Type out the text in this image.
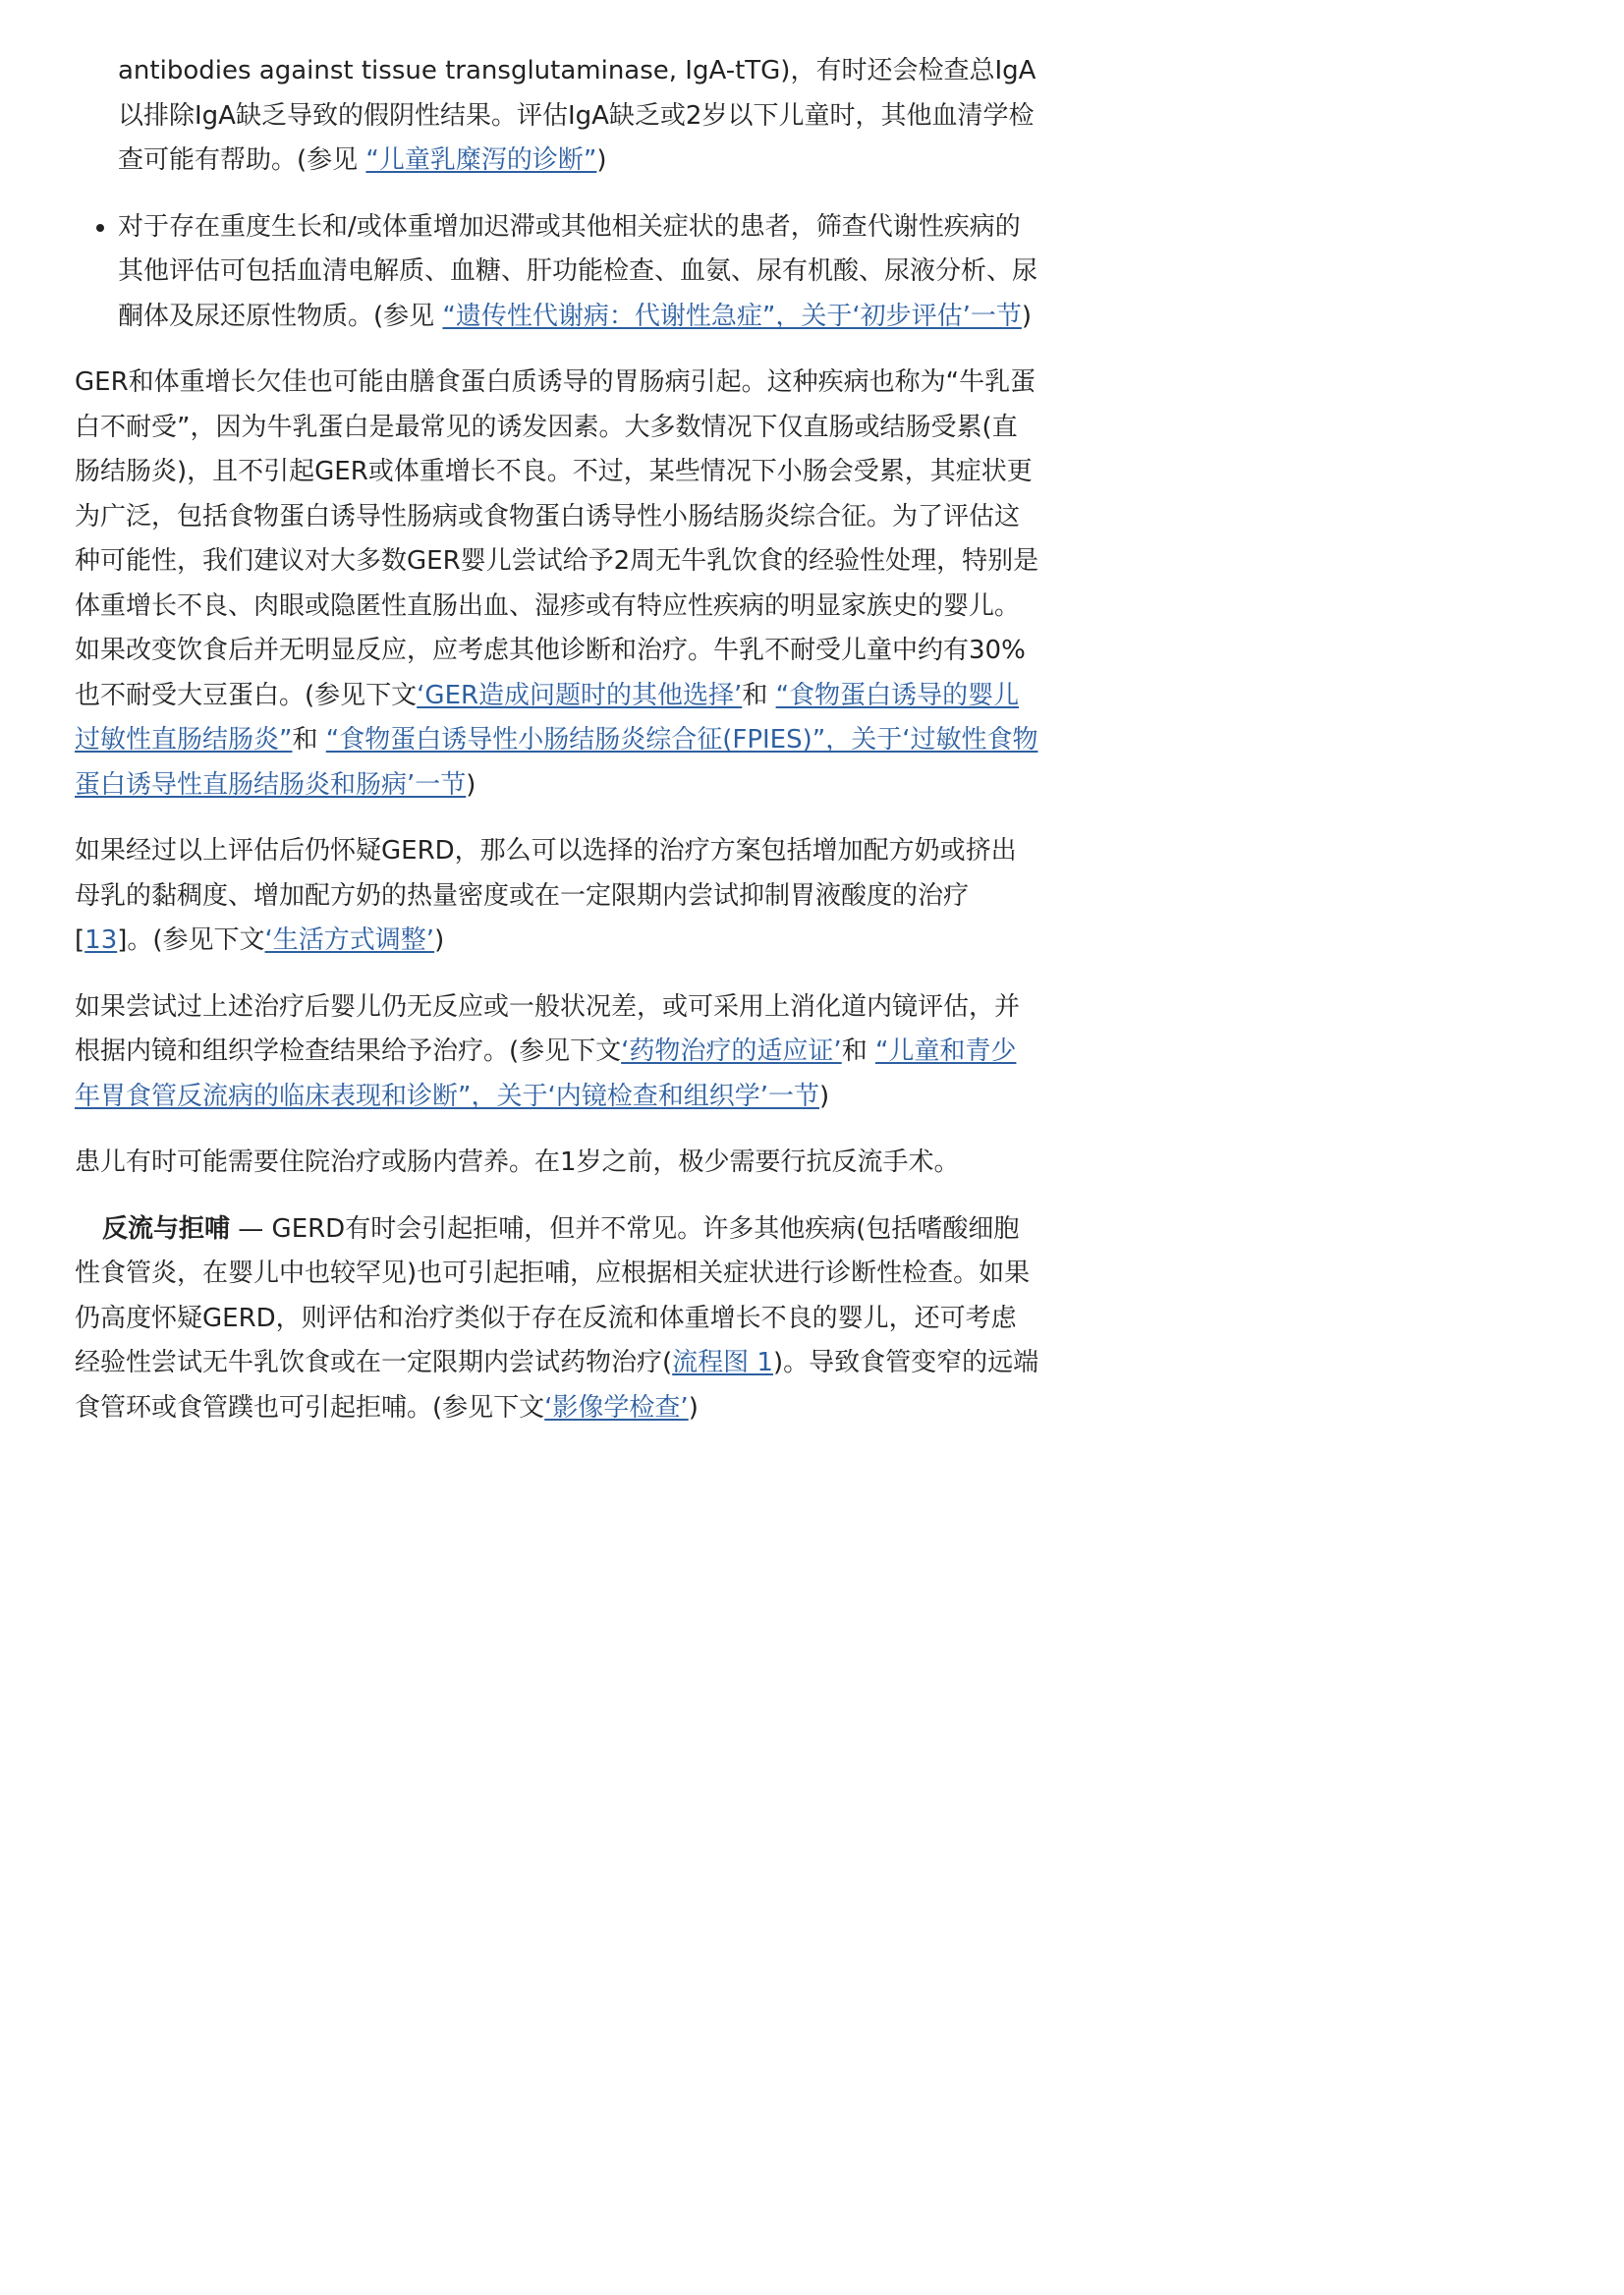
antibodies against tissue transglutaminase, IgA-tTG)，有时还会检查总IgA以排除IgA缺乏导致的假阴性结果。评估IgA缺乏或2岁以下儿童时，其他血清学检查可能有帮助。(参见 “儿童乳糜泻的诊断”)
对于存在重度生长和/或体重增加迟滞或其他相关症状的患者，筛查代谢性疾病的其他评估可包括血清电解质、血糖、肝功能检查、血氨、尿有机酸、尿液分析、尿酮体及尿还原性物质。(参见 “遗传性代谢病：代谢性急症”，关于‘初步评估’一节)

GER和体重增长欠佳也可能由膳食蛋白质诱导的胃肠病引起。这种疾病也称为“牛乳蛋白不耐受”，因为牛乳蛋白是最常见的诱发因素。大多数情况下仅直肠或结肠受累(直肠结肠炎)，且不引起GER或体重增长不良。不过，某些情况下小肠会受累，其症状更为广泛，包括食物蛋白诱导性肠病或食物蛋白诱导性小肠结肠炎综合征。为了评估这种可能性，我们建议对大多数GER婴儿尝试给予2周无牛乳饮食的经验性处理，特别是体重增长不良、肉眼或隐匿性直肠出血、湿疹或有特应性疾病的明显家族史的婴儿。如果改变饮食后并无明显反应，应考虑其他诊断和治疗。牛乳不耐受儿童中约有30%也不耐受大豆蛋白。(参见下文‘GER造成问题时的其他选择’和 “食物蛋白诱导的婴儿过敏性直肠结肠炎”和 “食物蛋白诱导性小肠结肠炎综合征(FPIES)”，关于‘过敏性食物蛋白诱导性直肠结肠炎和肠病’一节)

如果经过以上评估后仍怀疑GERD，那么可以选择的治疗方案包括增加配方奶或挤出母乳的黏稠度、增加配方奶的热量密度或在一定限期内尝试抑制胃液酸度的治疗[13]。(参见下文‘生活方式调整’)

如果尝试过上述治疗后婴儿仍无反应或一般状况差，或可采用上消化道内镜评估，并根据内镜和组织学检查结果给予治疗。(参见下文‘药物治疗的适应证’和 “儿童和青少年胃食管反流病的临床表现和诊断”，关于‘内镜检查和组织学’一节)

患儿有时可能需要住院治疗或肠内营养。在1岁之前，极少需要行抗反流手术。

反流与拒哺 — GERD有时会引起拒哺，但并不常见。许多其他疾病(包括嗜酸细胞性食管炎，在婴儿中也较罕见)也可引起拒哺，应根据相关症状进行诊断性检查。如果仍高度怀疑GERD，则评估和治疗类似于存在反流和体重增长不良的婴儿，还可考虑经验性尝试无牛乳饮食或在一定限期内尝试药物治疗(流程图 1)。导致食管变窄的远端食管环或食管蹼也可引起拒哺。(参见下文‘影像学检查’)
